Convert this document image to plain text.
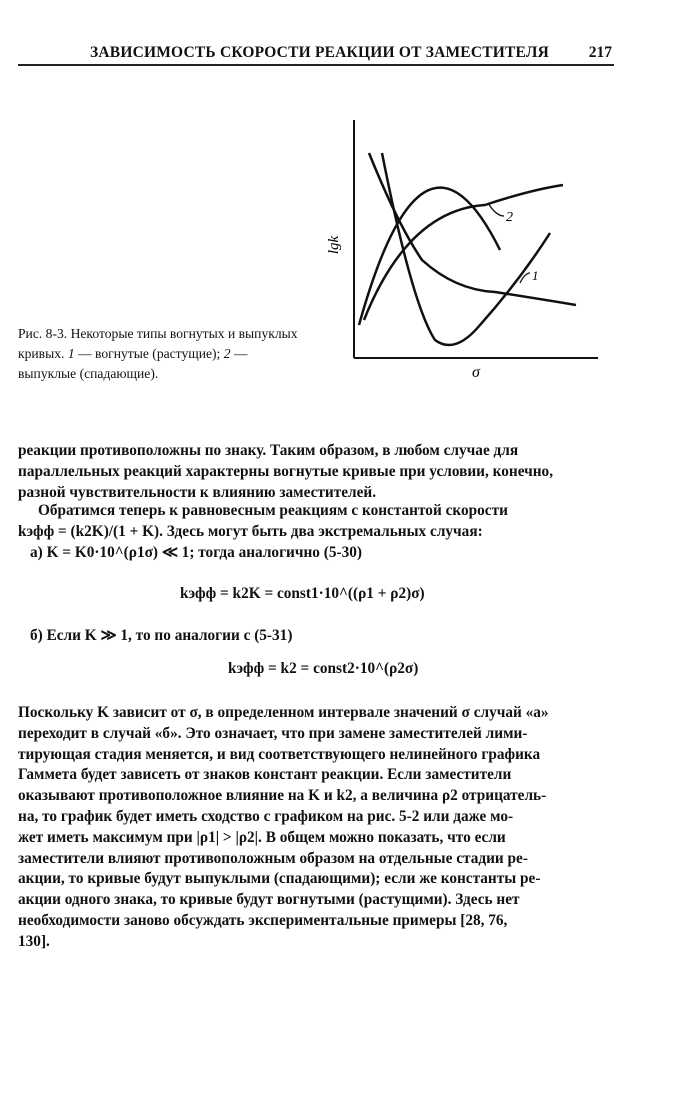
ЗАВИСИМОСТЬ СКОРОСТИ РЕАКЦИИ ОТ ЗАМЕСТИТЕЛЯ	217
lgk
σ
2
1
Рис. 8-3. Некоторые типы вогнутых и выпуклых кривых. 1 — вогнутые (растущие); 2 — выпуклые (спадающие).
реакции противоположны по знаку. Таким образом, в любом случае для
параллельных реакций характерны вогнутые кривые при условии, конечно,
разной чувствительности к влиянию заместителей.
Обратимся теперь к равновесным реакциям с константой скорости
kэфф = (k2K)/(1 + K). Здесь могут быть два экстремальных случая:
а) K = K0·10^(ρ1σ) ≪ 1; тогда аналогично (5-30)
kэфф = k2K = const1·10^((ρ1 + ρ2)σ)
б) Если K ≫ 1, то по аналогии с (5-31)
kэфф = k2 = const2·10^(ρ2σ)
Поскольку K зависит от σ, в определенном интервале значений σ случай «а»
переходит в случай «б». Это означает, что при замене заместителей лими-
тирующая стадия меняется, и вид соответствующего нелинейного графика
Гаммета будет зависеть от знаков констант реакции. Если заместители
оказывают противоположное влияние на K и k2, а величина ρ2 отрицатель-
на, то график будет иметь сходство с графиком на рис. 5-2 или даже мо-
жет иметь максимум при |ρ1| > |ρ2|. В общем можно показать, что если
заместители влияют противоположным образом на отдельные стадии ре-
акции, то кривые будут выпуклыми (спадающими); если же константы ре-
акции одного знака, то кривые будут вогнутыми (растущими). Здесь нет
необходимости заново обсуждать экспериментальные примеры [28, 76,
130].
